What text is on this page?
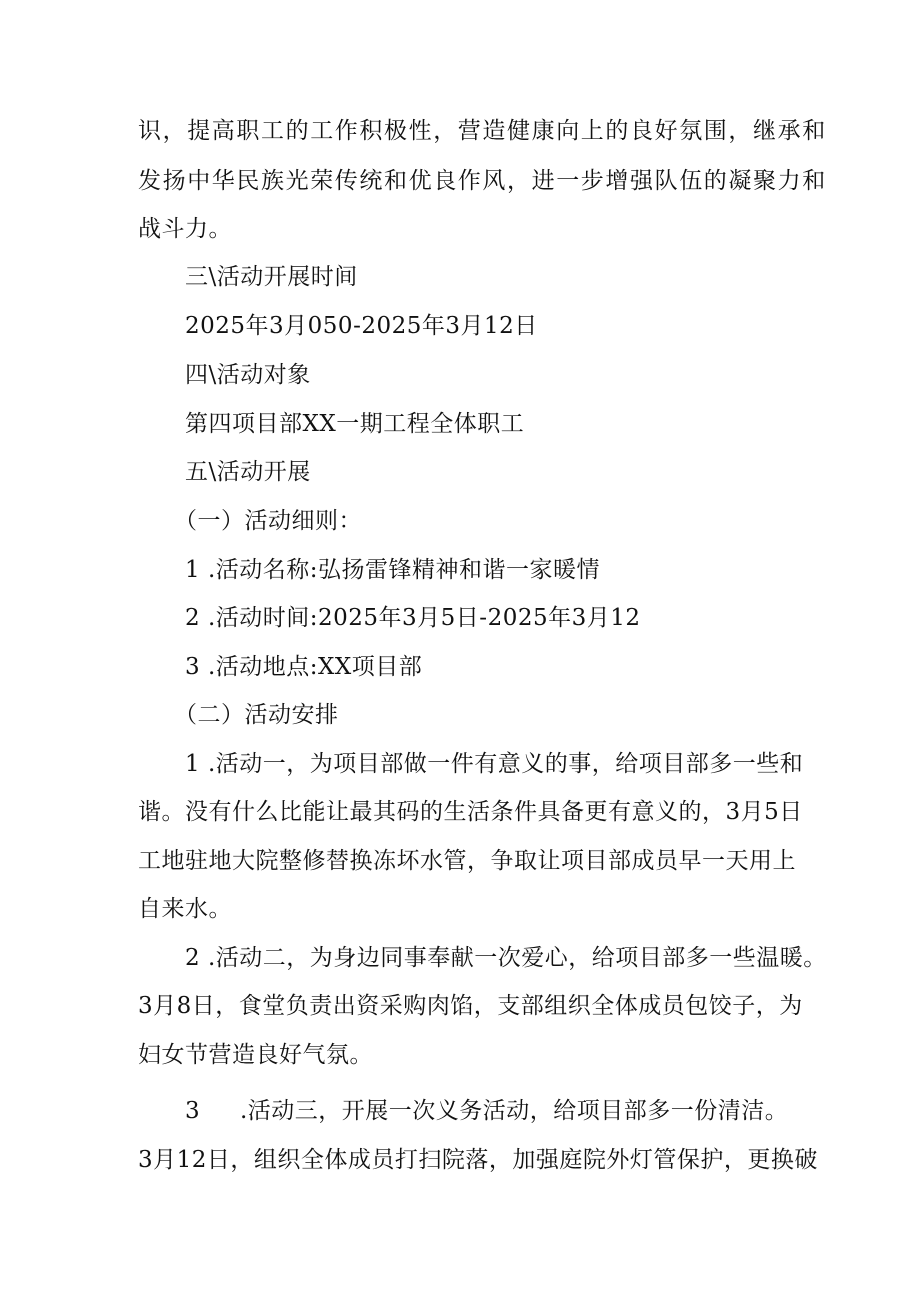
识，提高职工的工作积极性，营造健康向上的良好氛围，继承和
发扬中华民族光荣传统和优良作风，进一步增强队伍的凝聚力和
战斗力。
三\活动开展时间
2025年3月050-2025年3月12日
四\活动对象
第四项目部XX一期工程全体职工
五\活动开展
（一）活动细则：
1 .活动名称:弘扬雷锋精神和谐一家暖情
2 .活动时间:2025年3月5日-2025年3月12
3 .活动地点:XX项目部
（二）活动安排
1 .活动一，为项目部做一件有意义的事，给项目部多一些和
谐。没有什么比能让最其码的生活条件具备更有意义的，3月5日
工地驻地大院整修替换冻坏水管，争取让项目部成员早一天用上
自来水。
2 .活动二，为身边同事奉献一次爱心，给项目部多一些温暖。
3月8日，食堂负责出资采购肉馅，支部组织全体成员包饺子，为
妇女节营造良好气氛。
3 .活动三，开展一次义务活动，给项目部多一份清洁。
3月12日，组织全体成员打扫院落，加强庭院外灯管保护，更换破
